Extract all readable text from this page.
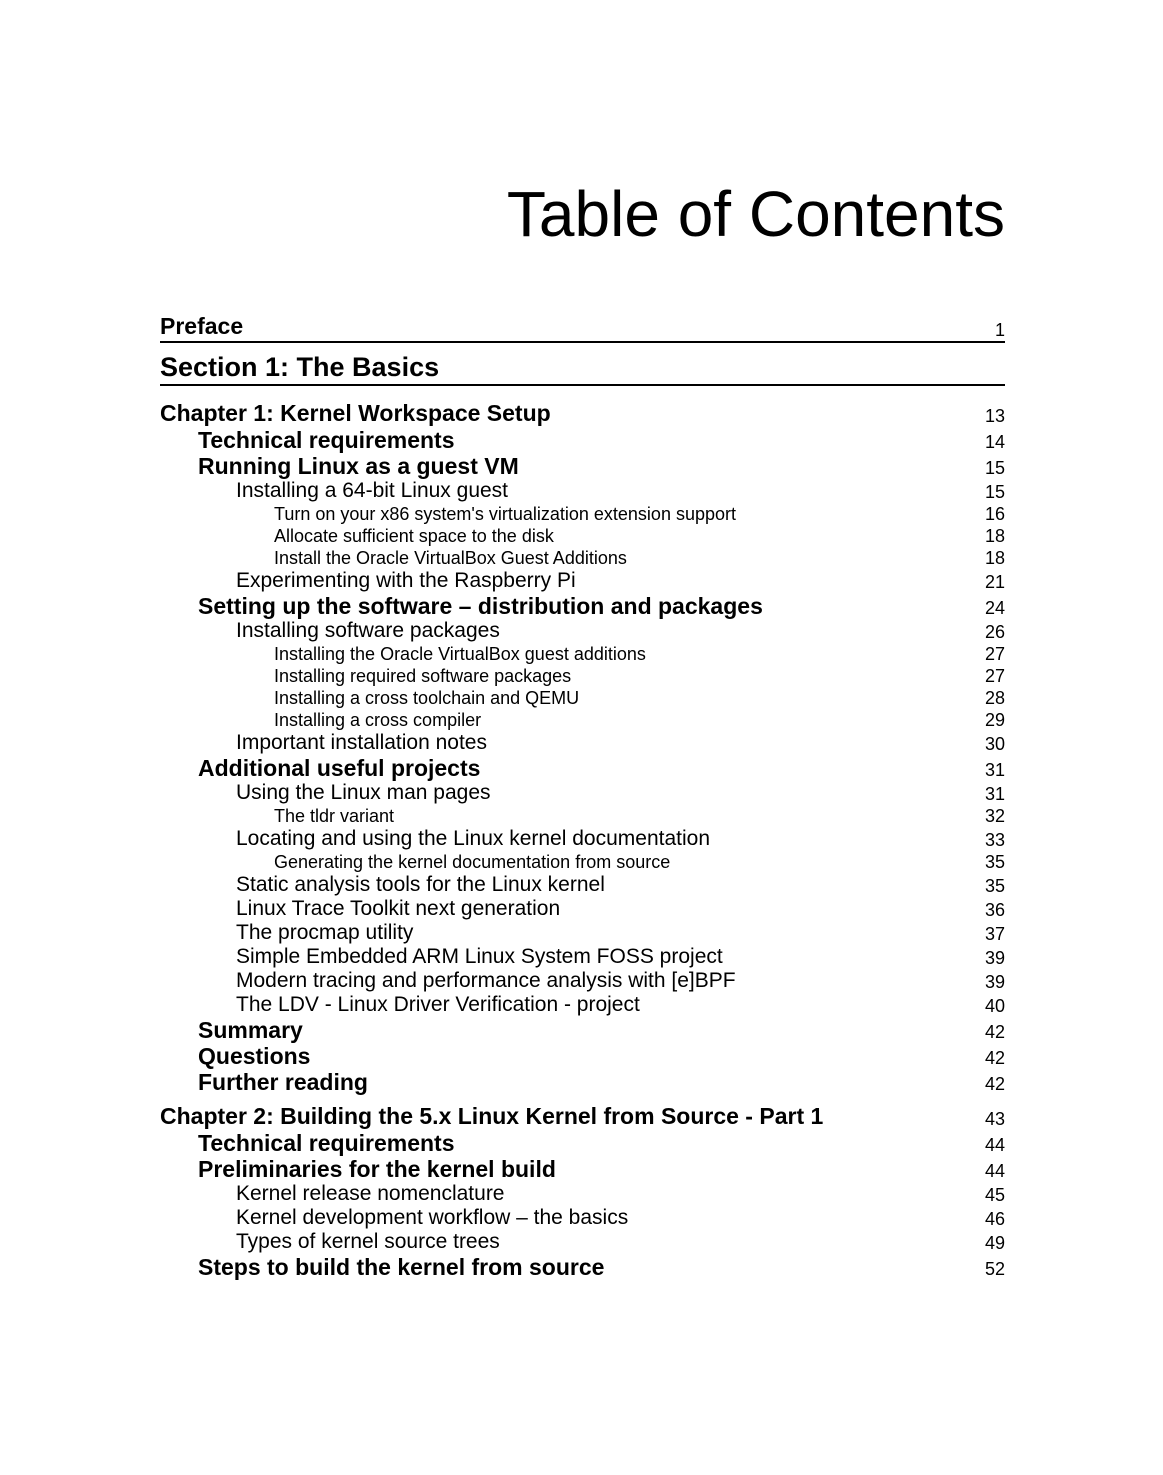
Table of Contents
Preface	1
Section 1: The Basics
Chapter 1: Kernel Workspace Setup	13
Technical requirements	14
Running Linux as a guest VM	15
Installing a 64-bit Linux guest	15
Turn on your x86 system's virtualization extension support	16
Allocate sufficient space to the disk	18
Install the Oracle VirtualBox Guest Additions	18
Experimenting with the Raspberry Pi	21
Setting up the software – distribution and packages	24
Installing software packages	26
Installing the Oracle VirtualBox guest additions	27
Installing required software packages	27
Installing a cross toolchain and QEMU	28
Installing a cross compiler	29
Important installation notes	30
Additional useful projects	31
Using the Linux man pages	31
The tldr variant	32
Locating and using the Linux kernel documentation	33
Generating the kernel documentation from source	35
Static analysis tools for the Linux kernel	35
Linux Trace Toolkit next generation	36
The procmap utility	37
Simple Embedded ARM Linux System FOSS project	39
Modern tracing and performance analysis with [e]BPF	39
The LDV - Linux Driver Verification - project	40
Summary	42
Questions	42
Further reading	42
Chapter 2: Building the 5.x Linux Kernel from Source - Part 1	43
Technical requirements	44
Preliminaries for the kernel build	44
Kernel release nomenclature	45
Kernel development workflow – the basics	46
Types of kernel source trees	49
Steps to build the kernel from source	52
